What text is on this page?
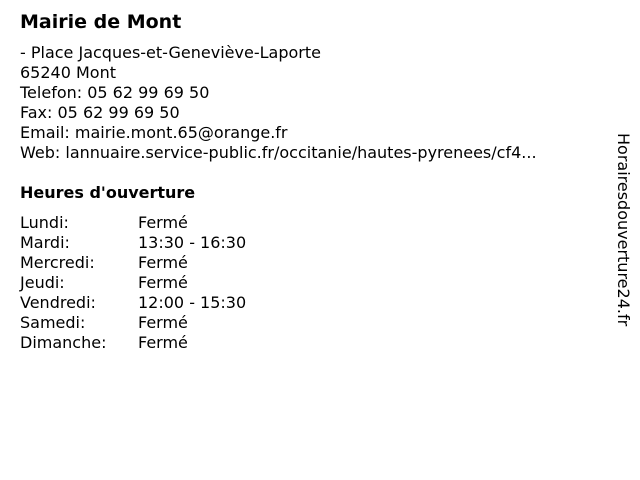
Mairie de Mont
- Place Jacques-et-Geneviève-Laporte
65240 Mont
Telefon: 05 62 99 69 50
Fax: 05 62 99 69 50
Email: mairie.mont.65@orange.fr
Web: lannuaire.service-public.fr/occitanie/hautes-pyrenees/cf4...
Heures d'ouverture
Lundi:	Fermé
Mardi:	13:30 - 16:30
Mercredi:	Fermé
Jeudi:	Fermé
Vendredi:	12:00 - 15:30
Samedi:	Fermé
Dimanche: Fermé
Horairesdouverture24.fr
